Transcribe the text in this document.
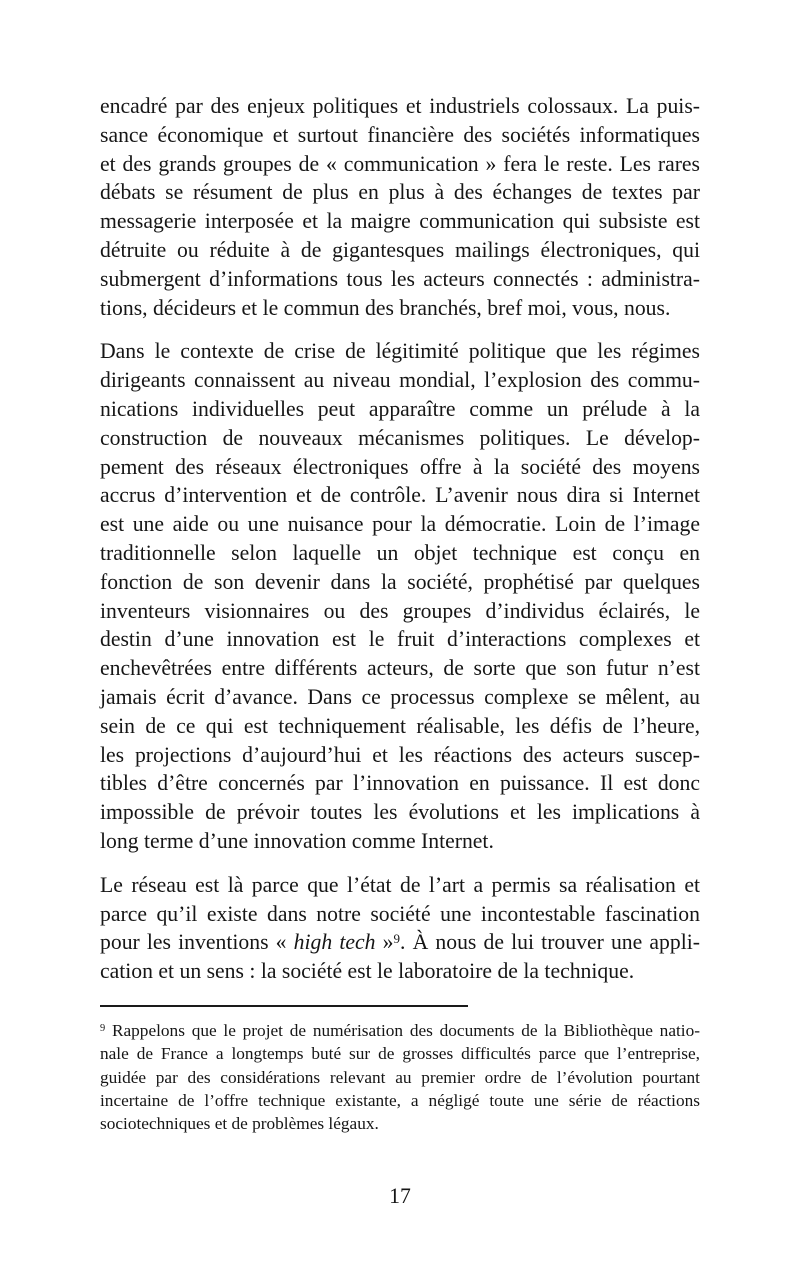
encadré par des enjeux politiques et industriels colossaux. La puis-
sance économique et surtout financière des sociétés informatiques
et des grands groupes de « communication » fera le reste. Les rares
débats se résument de plus en plus à des échanges de textes par
messagerie interposée et la maigre communication qui subsiste est
détruite ou réduite à de gigantesques mailings électroniques, qui
submergent d’informations tous les acteurs connectés : administra-
tions, décideurs et le commun des branchés, bref moi, vous, nous.

Dans le contexte de crise de légitimité politique que les régimes
dirigeants connaissent au niveau mondial, l’explosion des commu-
nications individuelles peut apparaître comme un prélude à la
construction de nouveaux mécanismes politiques. Le dévelop-
pement des réseaux électroniques offre à la société des moyens
accrus d’intervention et de contrôle. L’avenir nous dira si Internet
est une aide ou une nuisance pour la démocratie. Loin de l’image
traditionnelle selon laquelle un objet technique est conçu en
fonction de son devenir dans la société, prophétisé par quelques
inventeurs visionnaires ou des groupes d’individus éclairés, le
destin d’une innovation est le fruit d’interactions complexes et
enchevêtrées entre différents acteurs, de sorte que son futur n’est
jamais écrit d’avance. Dans ce processus complexe se mêlent, au
sein de ce qui est techniquement réalisable, les défis de l’heure,
les projections d’aujourd’hui et les réactions des acteurs suscep-
tibles d’être concernés par l’innovation en puissance. Il est donc
impossible de prévoir toutes les évolutions et les implications à
long terme d’une innovation comme Internet.

Le réseau est là parce que l’état de l’art a permis sa réalisation et
parce qu’il existe dans notre société une incontestable fascination
pour les inventions « high tech »$^9$. À nous de lui trouver une appli-
cation et un sens : la société est le laboratoire de la technique.

$^9$ Rappelons que le projet de numérisation des documents de la Bibliothèque natio-
nale de France a longtemps buté sur de grosses difficultés parce que l’entreprise,
guidée par des considérations relevant au premier ordre de l’évolution pourtant
incertaine de l’offre technique existante, a négligé toute une série de réactions
sociotechniques et de problèmes légaux.
17
